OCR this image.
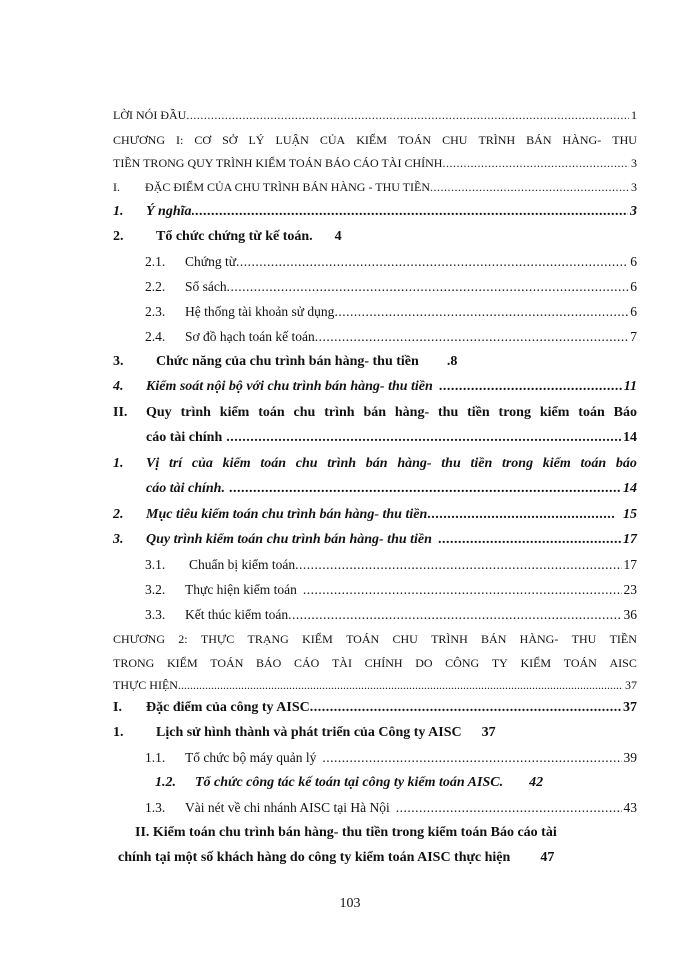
LỜI NÓI ĐẦU .....	1
CHƯƠNG I: CƠ SỞ LÝ LUẬN CỦA KIỂM TOÁN CHU TRÌNH BÁN HÀNG- THU
TIỀN TRONG QUY TRÌNH KIỂM TOÁN BÁO CÁO TÀI CHÍNH .....	3
I.	ĐẶC ĐIỂM CỦA CHU TRÌNH BÁN HÀNG - THU TIỀN .....	3
1.	Ý nghĩa .....	3
2.	Tổ chức chứng từ kế toán. 4
2.1.	Chứng từ .....	6
2.2.	Sổ sách .....	6
2.3.	Hệ thống tài khoản sử dụng .....	6
2.4.	Sơ đồ hạch toán kế toán .....	7
3.	Chức năng của chu trình bán hàng- thu tiền .8
4.	Kiểm soát nội bộ với chu trình bán hàng- thu tiền .....	11
II.	Quy trình kiểm toán chu trình bán hàng- thu tiền trong kiểm toán Báo
cáo tài chính .....	14
1.	Vị trí của kiểm toán chu trình bán hàng- thu tiền trong kiểm toán báo
cáo tài chính. .....	14
2.	Mục tiêu kiểm toán chu trình bán hàng- thu tiền .....	15
3.	Quy trình kiểm toán chu trình bán hàng- thu tiền .....	17
3.1.	Chuẩn bị kiểm toán .....	17
3.2.	Thực hiện kiểm toán .....	23
3.3.	Kết thúc kiểm toán .....	36
CHƯƠNG 2: THỰC TRẠNG KIỂM TOÁN CHU TRÌNH BÁN HÀNG- THU TIỀN
TRONG KIỂM TOÁN BÁO CÁO TÀI CHÍNH DO CÔNG TY KIỂM TOÁN AISC
THỰC HIỆN .....	37
I.	Đặc điểm của công ty AISC .....	37
1.	Lịch sử hình thành và phát triển của Công ty AISC 37
1.1.	Tổ chức bộ máy quản lý .....	39
1.2.	Tổ chức công tác kế toán tại công ty kiểm toán AISC. 42
1.3.	Vài nét về chi nhánh AISC tại Hà Nội .....	43
II. Kiểm toán chu trình bán hàng- thu tiền trong kiểm toán Báo cáo tài
chính tại một số khách hàng do công ty kiểm toán AISC thực hiện 47
103
